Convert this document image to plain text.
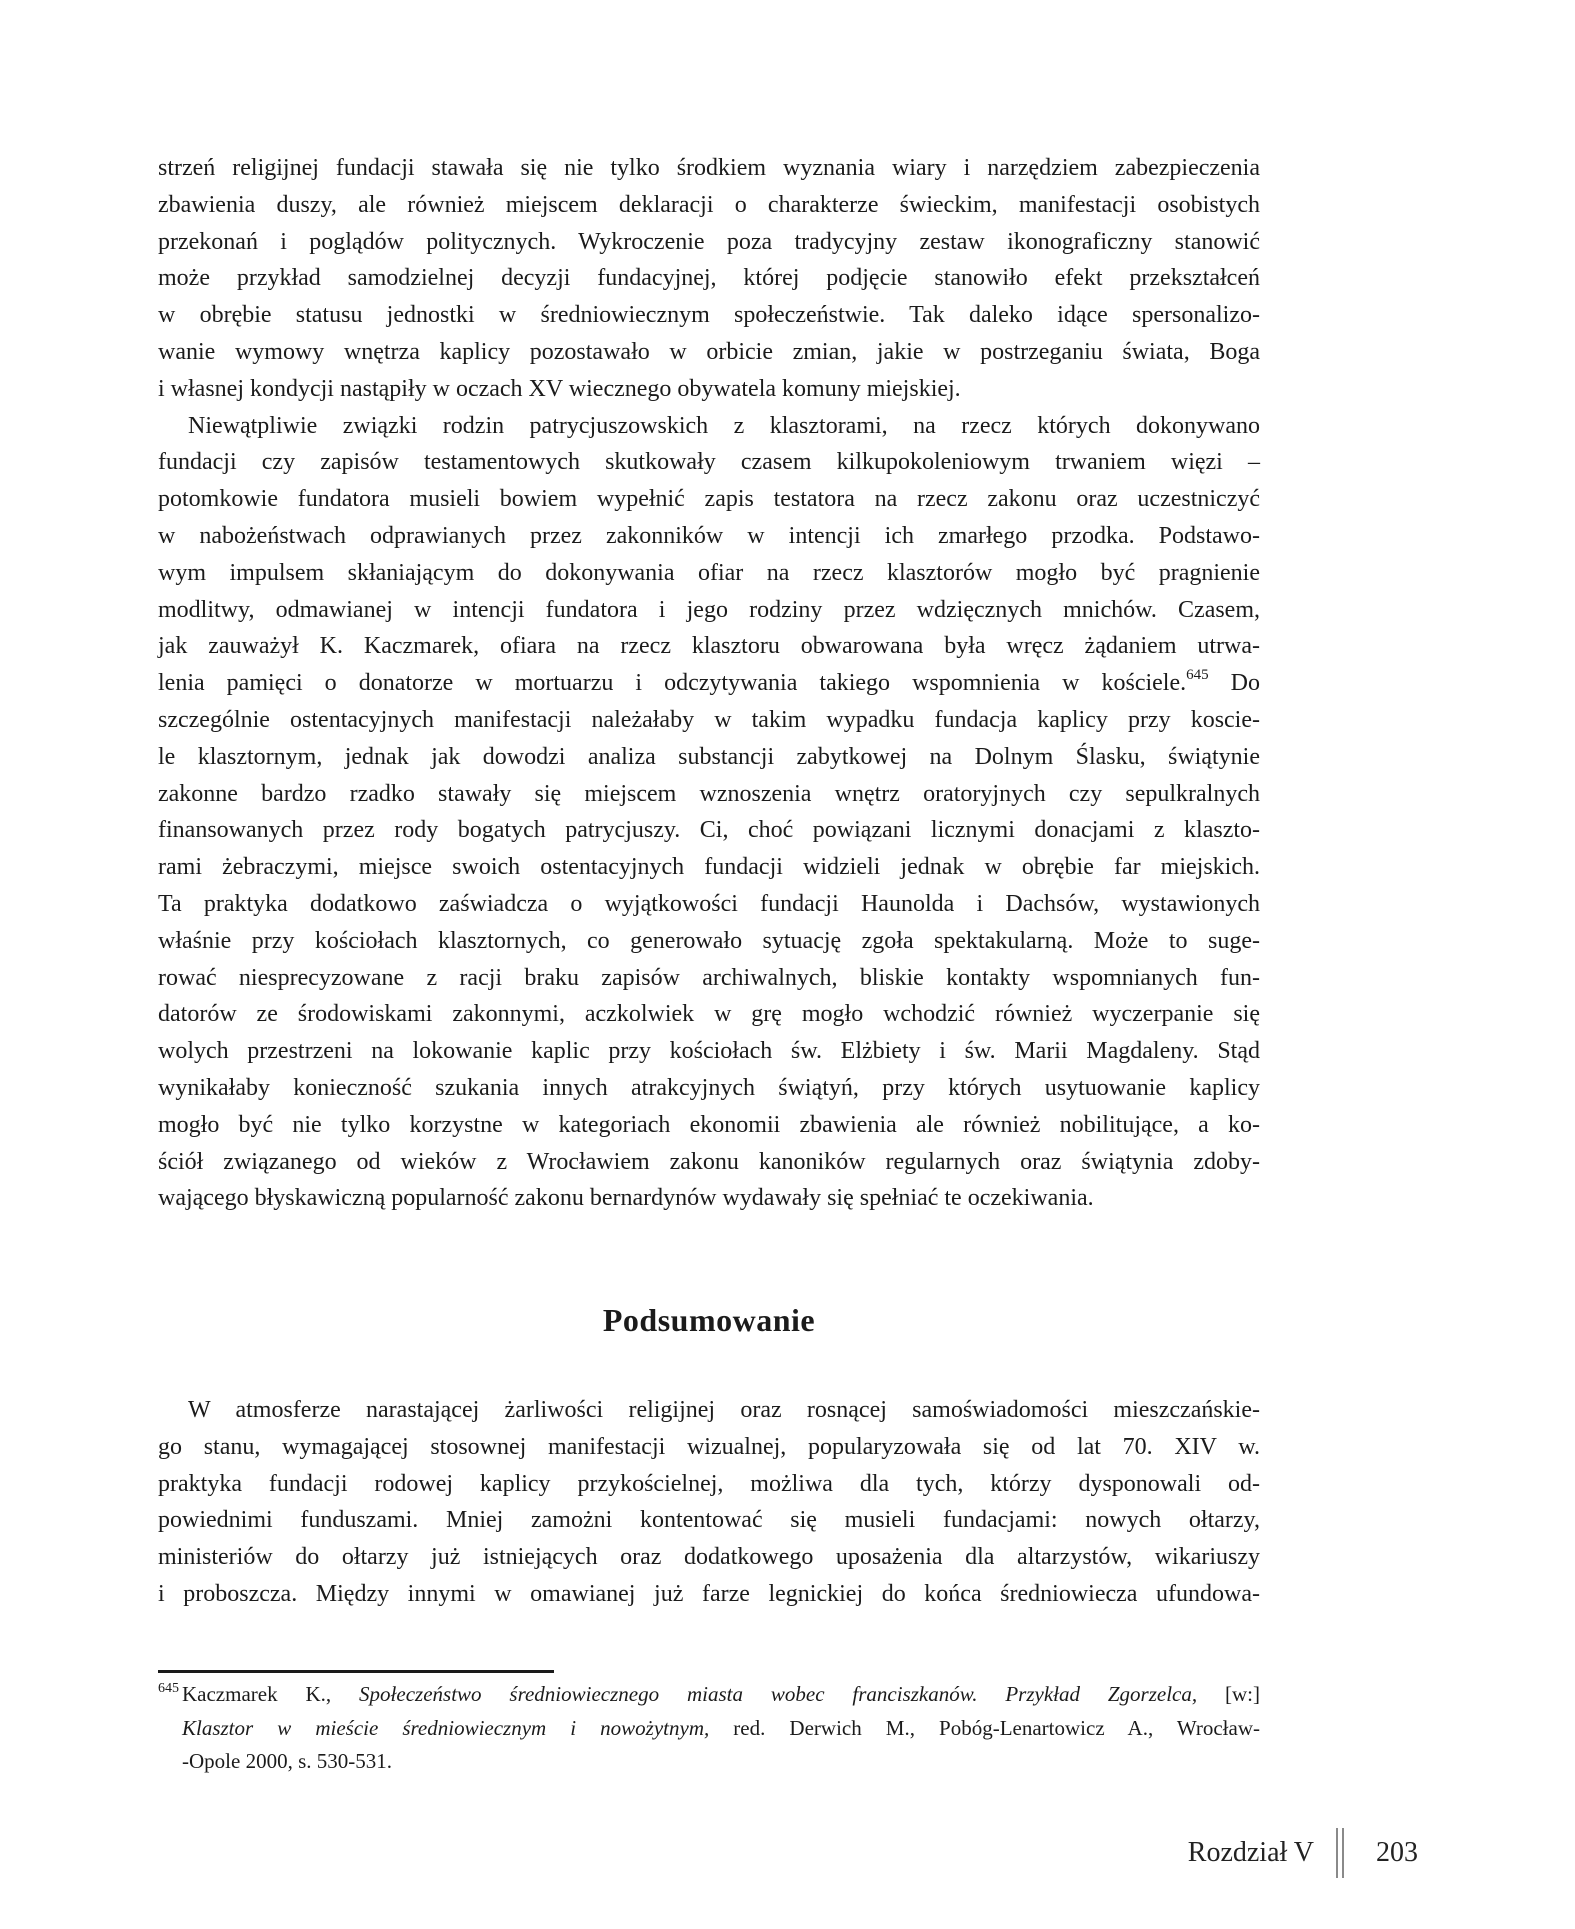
strzeń religijnej fundacji stawała się nie tylko środkiem wyznania wiary i narzędziem zabezpieczenia
zbawienia duszy, ale również miejscem deklaracji o charakterze świeckim, manifestacji osobistych
przekonań i poglądów politycznych. Wykroczenie poza tradycyjny zestaw ikonograficzny stanowić
może przykład samodzielnej decyzji fundacyjnej, której podjęcie stanowiło efekt przekształceń
w obrębie statusu jednostki w średniowiecznym społeczeństwie. Tak daleko idące spersonalizo-
wanie wymowy wnętrza kaplicy pozostawało w orbicie zmian, jakie w postrzeganiu świata, Boga
i własnej kondycji nastąpiły w oczach XV wiecznego obywatela komuny miejskiej.
Niewątpliwie związki rodzin patrycjuszowskich z klasztorami, na rzecz których dokonywano
fundacji czy zapisów testamentowych skutkowały czasem kilkupokoleniowym trwaniem więzi –
potomkowie fundatora musieli bowiem wypełnić zapis testatora na rzecz zakonu oraz uczestniczyć
w nabożeństwach odprawianych przez zakonników w intencji ich zmarłego przodka. Podstawo-
wym impulsem skłaniającym do dokonywania ofiar na rzecz klasztorów mogło być pragnienie
modlitwy, odmawianej w intencji fundatora i jego rodziny przez wdzięcznych mnichów. Czasem,
jak zauważył K. Kaczmarek, ofiara na rzecz klasztoru obwarowana była wręcz żądaniem utrwa-
lenia pamięci o donatorze w mortuarzu i odczytywania takiego wspomnienia w kościele.$^{645}$ Do
szczególnie ostentacyjnych manifestacji należałaby w takim wypadku fundacja kaplicy przy koscie-
le klasztornym, jednak jak dowodzi analiza substancji zabytkowej na Dolnym Ślasku, świątynie
zakonne bardzo rzadko stawały się miejscem wznoszenia wnętrz oratoryjnych czy sepulkralnych
finansowanych przez rody bogatych patrycjuszy. Ci, choć powiązani licznymi donacjami z klaszto-
rami żebraczymi, miejsce swoich ostentacyjnych fundacji widzieli jednak w obrębie far miejskich.
Ta praktyka dodatkowo zaświadcza o wyjątkowości fundacji Haunolda i Dachsów, wystawionych
właśnie przy kościołach klasztornych, co generowało sytuację zgoła spektakularną. Może to suge-
rować niesprecyzowane z racji braku zapisów archiwalnych, bliskie kontakty wspomnianych fun-
datorów ze środowiskami zakonnymi, aczkolwiek w grę mogło wchodzić również wyczerpanie się
wolych przestrzeni na lokowanie kaplic przy kościołach św. Elżbiety i św. Marii Magdaleny. Stąd
wynikałaby konieczność szukania innych atrakcyjnych świątyń, przy których usytuowanie kaplicy
mogło być nie tylko korzystne w kategoriach ekonomii zbawienia ale również nobilitujące, a ko-
ściół związanego od wieków z Wrocławiem zakonu kanoników regularnych oraz świątynia zdoby-
wającego błyskawiczną popularność zakonu bernardynów wydawały się spełniać te oczekiwania.
Podsumowanie
W atmosferze narastającej żarliwości religijnej oraz rosnącej samoświadomości mieszczańskie-
go stanu, wymagającej stosownej manifestacji wizualnej, popularyzowała się od lat 70. XIV w.
praktyka fundacji rodowej kaplicy przykościelnej, możliwa dla tych, którzy dysponowali od-
powiednimi funduszami. Mniej zamożni kontentować się musieli fundacjami: nowych ołtarzy,
ministeriów do ołtarzy już istniejących oraz dodatkowego uposażenia dla altarzystów, wikariuszy
i proboszcza. Między innymi w omawianej już farze legnickiej do końca średniowiecza ufundowa-
645 Kaczmarek K., Społeczeństwo średniowiecznego miasta wobec franciszkanów. Przykład Zgorzelca, [w:]
Klasztor w mieście średniowiecznym i nowożytnym, red. Derwich M., Pobóg-Lenartowicz A., Wrocław-
-Opole 2000, s. 530-531.
Rozdział V 203
